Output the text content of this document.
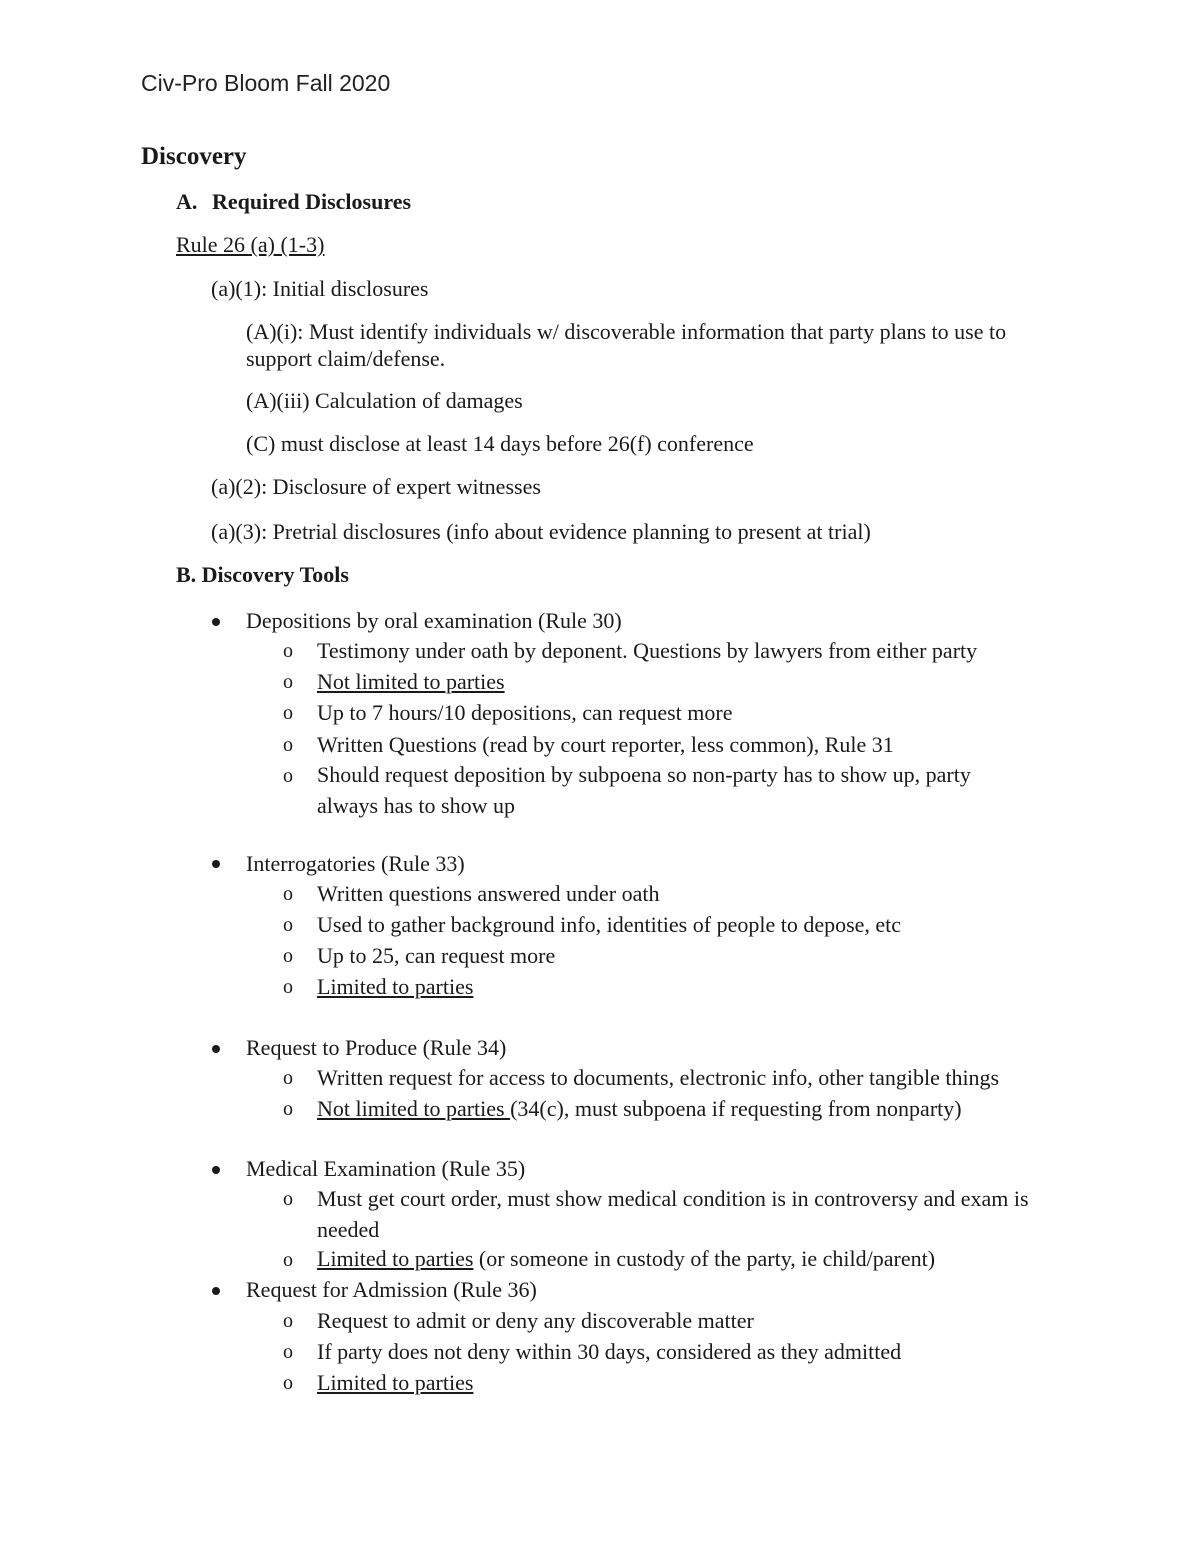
Civ-Pro Bloom Fall 2020
Discovery
A. Required Disclosures
Rule 26 (a) (1-3)
(a)(1): Initial disclosures
(A)(i): Must identify individuals w/ discoverable information that party plans to use to support claim/defense.
(A)(iii) Calculation of damages
(C) must disclose at least 14 days before 26(f) conference
(a)(2): Disclosure of expert witnesses
(a)(3): Pretrial disclosures (info about evidence planning to present at trial)
B. Discovery Tools
Depositions by oral examination (Rule 30)
o Testimony under oath by deponent. Questions by lawyers from either party
o Not limited to parties
o Up to 7 hours/10 depositions, can request more
o Written Questions (read by court reporter, less common), Rule 31
o Should request deposition by subpoena so non-party has to show up, party always has to show up
Interrogatories (Rule 33)
o Written questions answered under oath
o Used to gather background info, identities of people to depose, etc
o Up to 25, can request more
o Limited to parties
Request to Produce (Rule 34)
o Written request for access to documents, electronic info, other tangible things
o Not limited to parties (34(c), must subpoena if requesting from nonparty)
Medical Examination (Rule 35)
o Must get court order, must show medical condition is in controversy and exam is needed
o Limited to parties (or someone in custody of the party, ie child/parent)
Request for Admission (Rule 36)
o Request to admit or deny any discoverable matter
o If party does not deny within 30 days, considered as they admitted
o Limited to parties
